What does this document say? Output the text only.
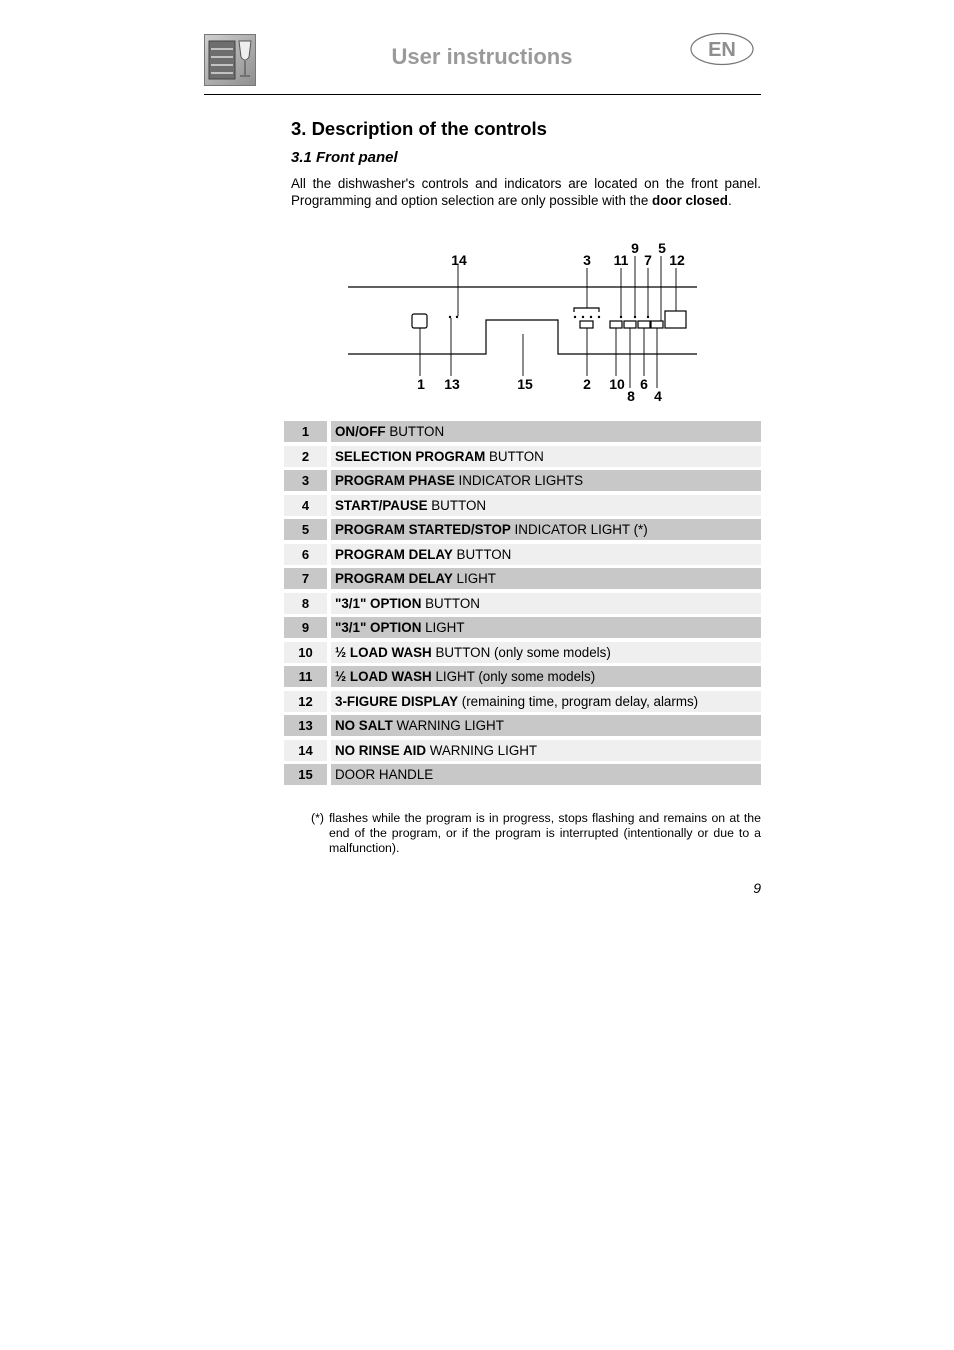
User instructions	EN
3. Description of the controls
3.1 Front panel
All the dishwasher's controls and indicators are located on the front panel. Programming and option selection are only possible with the door closed.
14	3 11
9
7
5
12
1 13	15	2 10 6
8 4
1	ON/OFF BUTTON
2	SELECTION PROGRAM BUTTON
3	PROGRAM PHASE INDICATOR LIGHTS
4	START/PAUSE BUTTON
5	PROGRAM STARTED/STOP INDICATOR LIGHT (*)
6	PROGRAM DELAY BUTTON
7	PROGRAM DELAY LIGHT
8	"3/1" OPTION BUTTON
9	"3/1" OPTION LIGHT
10	½ LOAD WASH BUTTON (only some models)
11	½ LOAD WASH LIGHT (only some models)
12	3-FIGURE DISPLAY (remaining time, program delay, alarms)
13	NO SALT WARNING LIGHT
14	NO RINSE AID WARNING LIGHT
15	DOOR HANDLE
(*) flashes while the program is in progress, stops flashing and remains on at the end of the program, or if the program is interrupted (intentionally or due to a malfunction).
9
